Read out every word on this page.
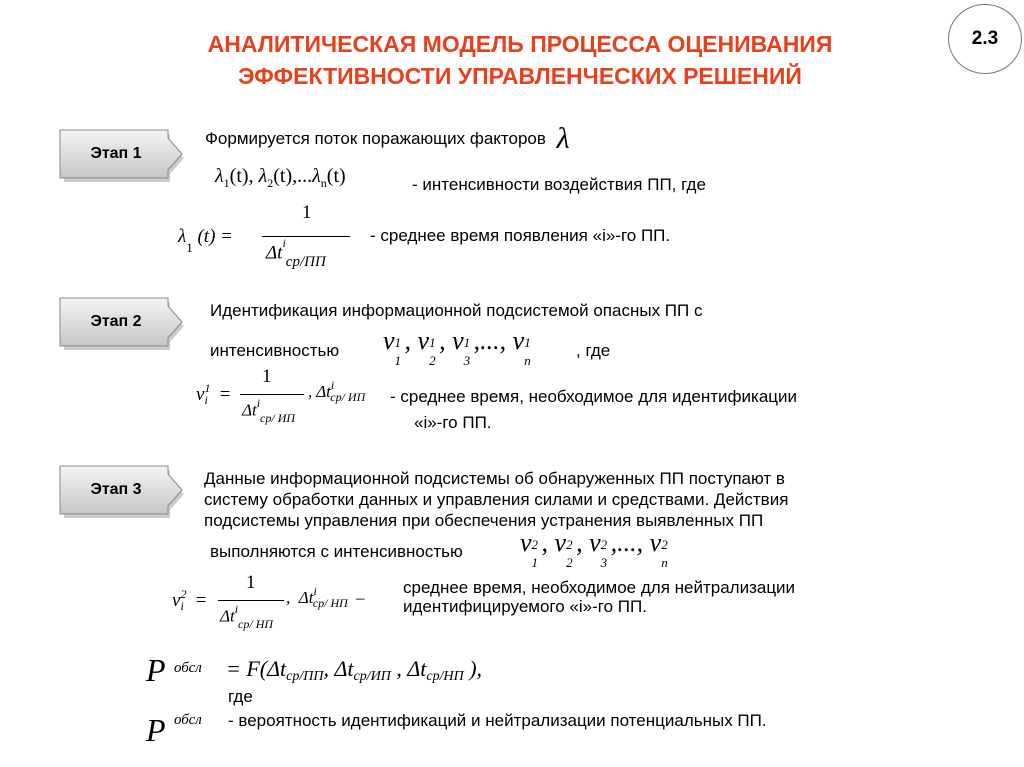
АНАЛИТИЧЕСКАЯ МОДЕЛЬ ПРОЦЕССА ОЦЕНИВАНИЯ
ЭФФЕКТИВНОСТИ УПРАВЛЕНЧЕСКИХ РЕШЕНИЙ
2.3
Этап 1
Формируется поток поражающих факторов λ
$\lambda_1(t)$, $\lambda_2(t),...\lambda_n(t)$	- интенсивности воздействия ПП, где
$\lambda_1$ (t) =
1
$\Delta t^i_{ср/ПП}$
- среднее время появления «i»-го ПП.
Этап 2
Идентификация информационной подсистемой опасных ПП с
интенсивностью ν 1
1
, ν 1
2
, ν 1
3
,..., ν 1
n
, где
$\nu^1_i$ =
1
$\Delta t^i_{ср/ ИП}$
, $\Delta t^i_{ср/ ИП}$ - среднее время, необходимое для идентификации
«i»-го ПП.
Этап 3
Данные информационной подсистемы об обнаруженных ПП поступают в
систему обработки данных и управления силами и средствами. Действия
подсистемы управления при обеспечения устранения выявленных ПП
выполняются с интенсивностью ν 2
1
, ν 2
2
, ν 2
3
,..., ν 2
n
$\nu^2_i$ =
1
$\Delta t^i_{ср/ НП}$
,  $\Delta t^i_{ср/ НП}$ –
среднее время, необходимое для нейтрализации
идентифицируемого «i»-го ПП.
P обсл = F(Δtср/ПП, Δtср/ИП , Δtср/НП ),
где
P обсл - вероятность идентификаций и нейтрализации потенциальных ПП.
